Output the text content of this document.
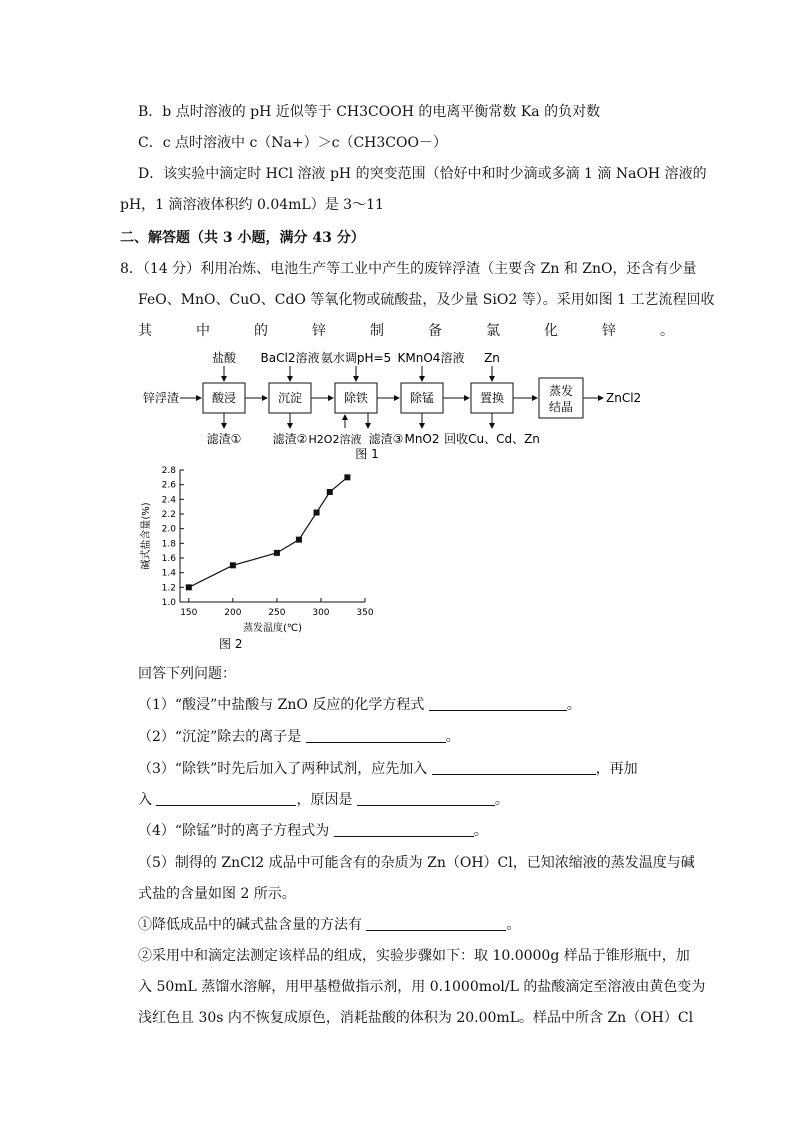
B．b 点时溶液的 pH 近似等于 CH3COOH 的电离平衡常数 Ka 的负对数
C．c 点时溶液中 c（Na+）＞c（CH3COO－）
D．该实验中滴定时 HCl 溶液 pH 的突变范围（恰好中和时少滴或多滴 1 滴 NaOH 溶液的
pH，1 滴溶液体积约 0.04mL）是 3～11
二、解答题（共 3 小题，满分 43 分）
8．（14 分）利用冶炼、电池生产等工业中产生的废锌浮渣（主要含 Zn 和 ZnO，还含有少量
FeO、MnO、CuO、CdO 等氧化物或硫酸盐，及少量 SiO2 等）。采用如图 1 工艺流程回收
其	中	的	锌	制	备	氯	化	锌	。
锌浮渣	酸浸	沉淀	除铁	除锰	置换	蒸发
结晶
ZnCl2
盐酸 BaCl2溶液 氨水调pH=5 KMnO4溶液 Zn
滤渣①	滤渣② H2O2溶液 滤渣③ MnO2 回收Cu、Cd、Zn
图 1
1.0
1.2
1.4
1.6
1.8
2.0
2.2
2.4
2.6
2.8
150	200	250	300	350
碱式盐含量(%)
蒸发温度(℃)
图 2
回答下列问题：
（1）“酸浸”中盐酸与 ZnO 反应的化学方程式	。
（2）“沉淀”除去的离子是	。
（3）“除铁”时先后加入了两种试剂，应先加入	，再加
入	，原因是	。
（4）“除锰”时的离子方程式为	。
（5）制得的 ZnCl2 成品中可能含有的杂质为 Zn（OH）Cl，已知浓缩液的蒸发温度与碱
式盐的含量如图 2 所示。
①降低成品中的碱式盐含量的方法有	。
②采用中和滴定法测定该样品的组成，实验步骤如下：取 10.0000g 样品于锥形瓶中，加
入 50mL 蒸馏水溶解，用甲基橙做指示剂，用 0.1000mol/L 的盐酸滴定至溶液由黄色变为
浅红色且 30s 内不恢复成原色，消耗盐酸的体积为 20.00mL。样品中所含 Zn（OH）Cl
